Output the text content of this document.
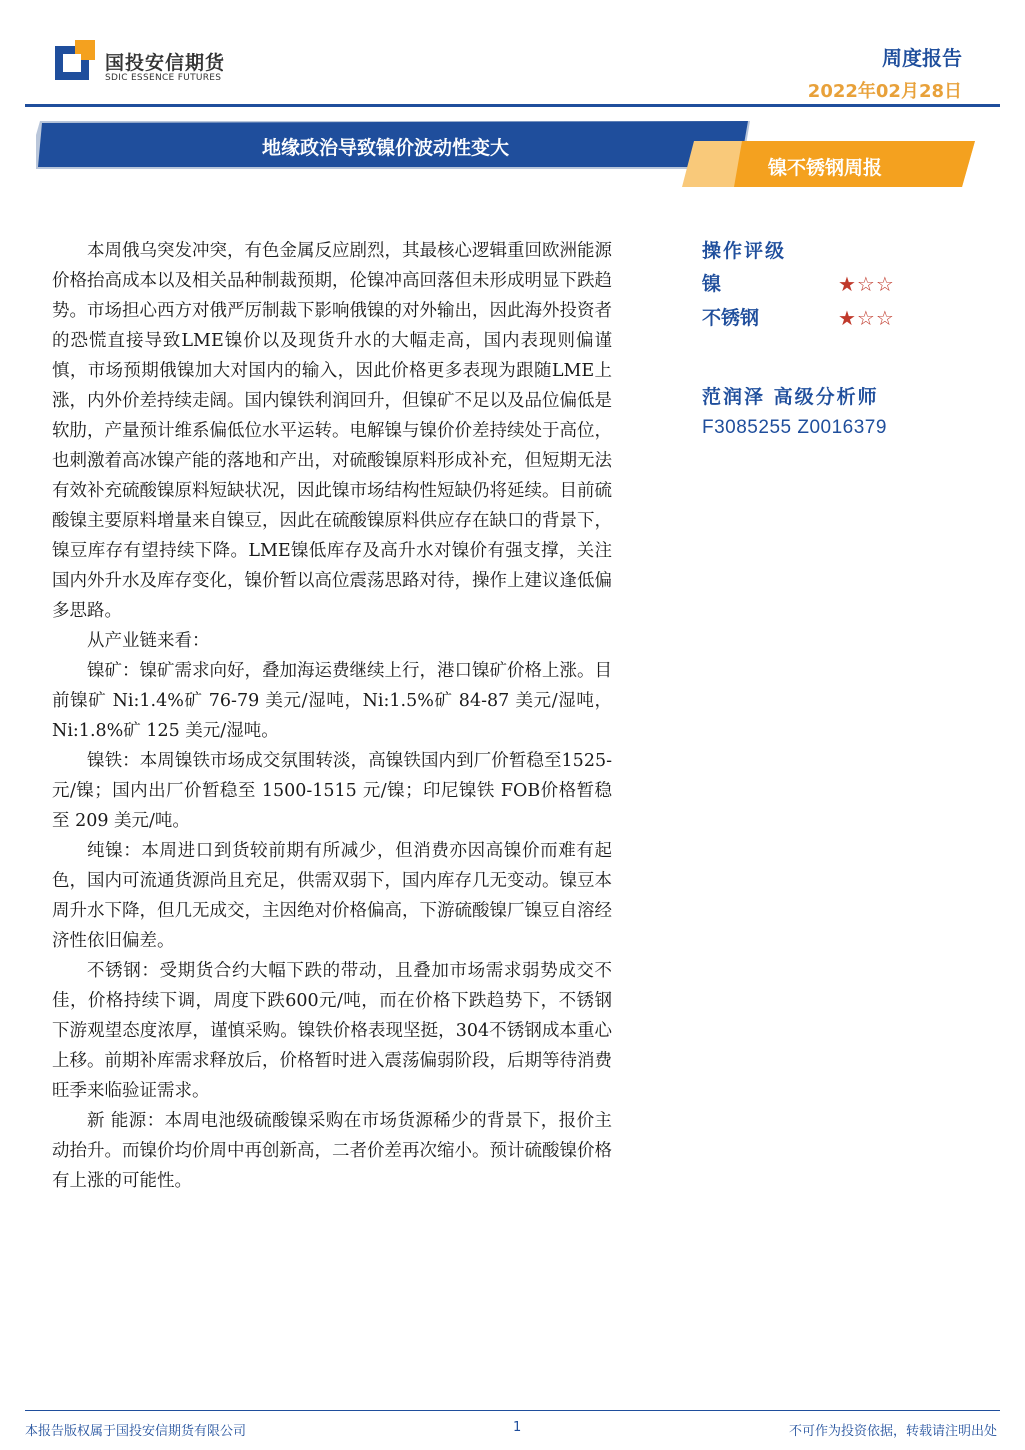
国投安信期货
SDIC ESSENCE FUTURES
周度报告
2022年02月28日
地缘政治导致镍价波动性变大
镍不锈钢周报

本周俄乌突发冲突，有色金属反应剧烈，其最核心逻辑重回欧洲能源价格抬高成本以及相关品种制裁预期，伦镍冲高回落但未形成明显下跌趋势。市场担心西方对俄严厉制裁下影响俄镍的对外输出，因此海外投资者的恐慌直接导致LME镍价以及现货升水的大幅走高，国内表现则偏谨慎，市场预期俄镍加大对国内的输入，因此价格更多表现为跟随LME上涨，内外价差持续走阔。国内镍铁利润回升，但镍矿不足以及品位偏低是软肋，产量预计维系偏低位水平运转。电解镍与镍价价差持续处于高位，也刺激着高冰镍产能的落地和产出，对硫酸镍原料形成补充，但短期无法有效补充硫酸镍原料短缺状况，因此镍市场结构性短缺仍将延续。目前硫酸镍主要原料增量来自镍豆，因此在硫酸镍原料供应存在缺口的背景下，镍豆库存有望持续下降。LME镍低库存及高升水对镍价有强支撑，关注国内外升水及库存变化，镍价暂以高位震荡思路对待，操作上建议逢低偏多思路。

从产业链来看：

镍矿：镍矿需求向好，叠加海运费继续上行，港口镍矿价格上涨。目前镍矿 Ni:1.4%矿 76-79 美元/湿吨，Ni:1.5%矿 84-87 美元/湿吨，Ni:1.8%矿 125 美元/湿吨。

镍铁：本周镍铁市场成交氛围转淡，高镍铁国内到厂价暂稳至1525-元/镍；国内出厂价暂稳至 1500-1515 元/镍；印尼镍铁 FOB价格暂稳至 209 美元/吨。

纯镍：本周进口到货较前期有所减少，但消费亦因高镍价而难有起色，国内可流通货源尚且充足，供需双弱下，国内库存几无变动。镍豆本周升水下降，但几无成交，主因绝对价格偏高，下游硫酸镍厂镍豆自溶经济性依旧偏差。

不锈钢：受期货合约大幅下跌的带动，且叠加市场需求弱势成交不佳，价格持续下调，周度下跌600元/吨，而在价格下跌趋势下，不锈钢下游观望态度浓厚，谨慎采购。镍铁价格表现坚挺，304不锈钢成本重心上移。前期补库需求释放后，价格暂时进入震荡偏弱阶段，后期等待消费旺季来临验证需求。

新 能源：本周电池级硫酸镍采购在市场货源稀少的背景下，报价主动抬升。而镍价均价周中再创新高，二者价差再次缩小。预计硫酸镍价格有上涨的可能性。

操作评级
镍	★☆☆
不锈钢	★☆☆
范润泽 高级分析师
F3085255 Z0016379
本报告版权属于国投安信期货有限公司	1	不可作为投资依据，转载请注明出处
